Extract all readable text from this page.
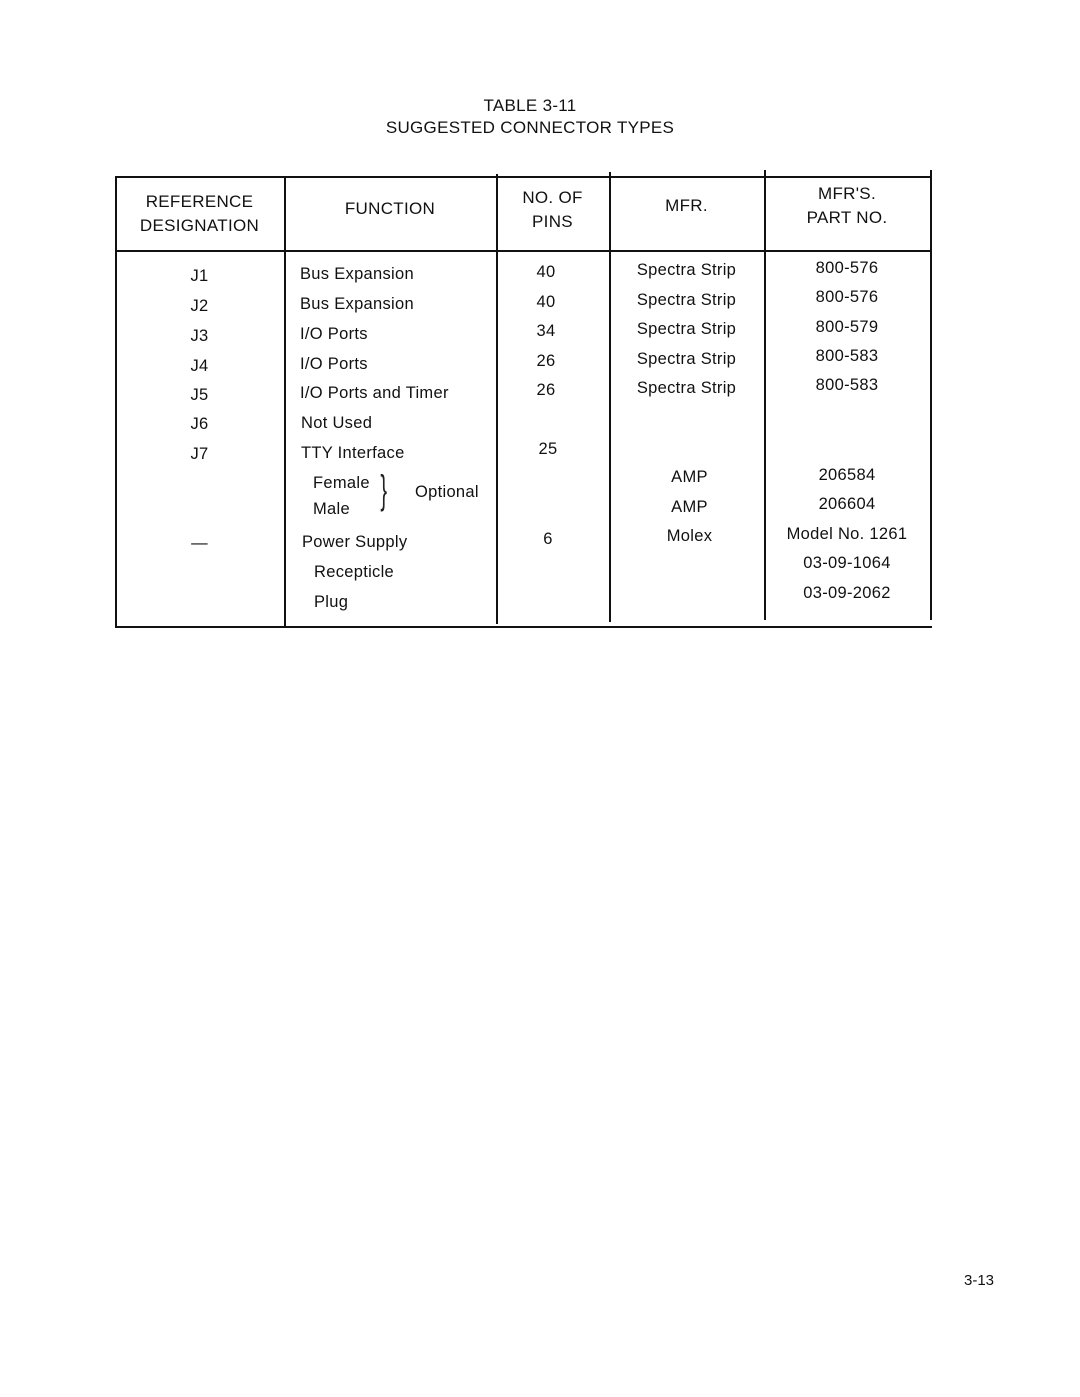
TABLE 3-11
SUGGESTED CONNECTOR TYPES
REFERENCE
DESIGNATION
FUNCTION
NO. OF
PINS
MFR.
MFR'S.
PART NO.
J1
J2
J3
J4
J5
J6
J7
—
Bus Expansion
Bus Expansion
I/O Ports
I/O Ports
I/O Ports and Timer
Not Used
TTY Interface
Female
Male } Optional
Power Supply
Recepticle
Plug
40
40
34
26
26
25
6
Spectra Strip
Spectra Strip
Spectra Strip
Spectra Strip
Spectra Strip
AMP
AMP
Molex
800-576
800-576
800-579
800-583
800-583
206584
206604
Model No. 1261
03-09-1064
03-09-2062
3-13
